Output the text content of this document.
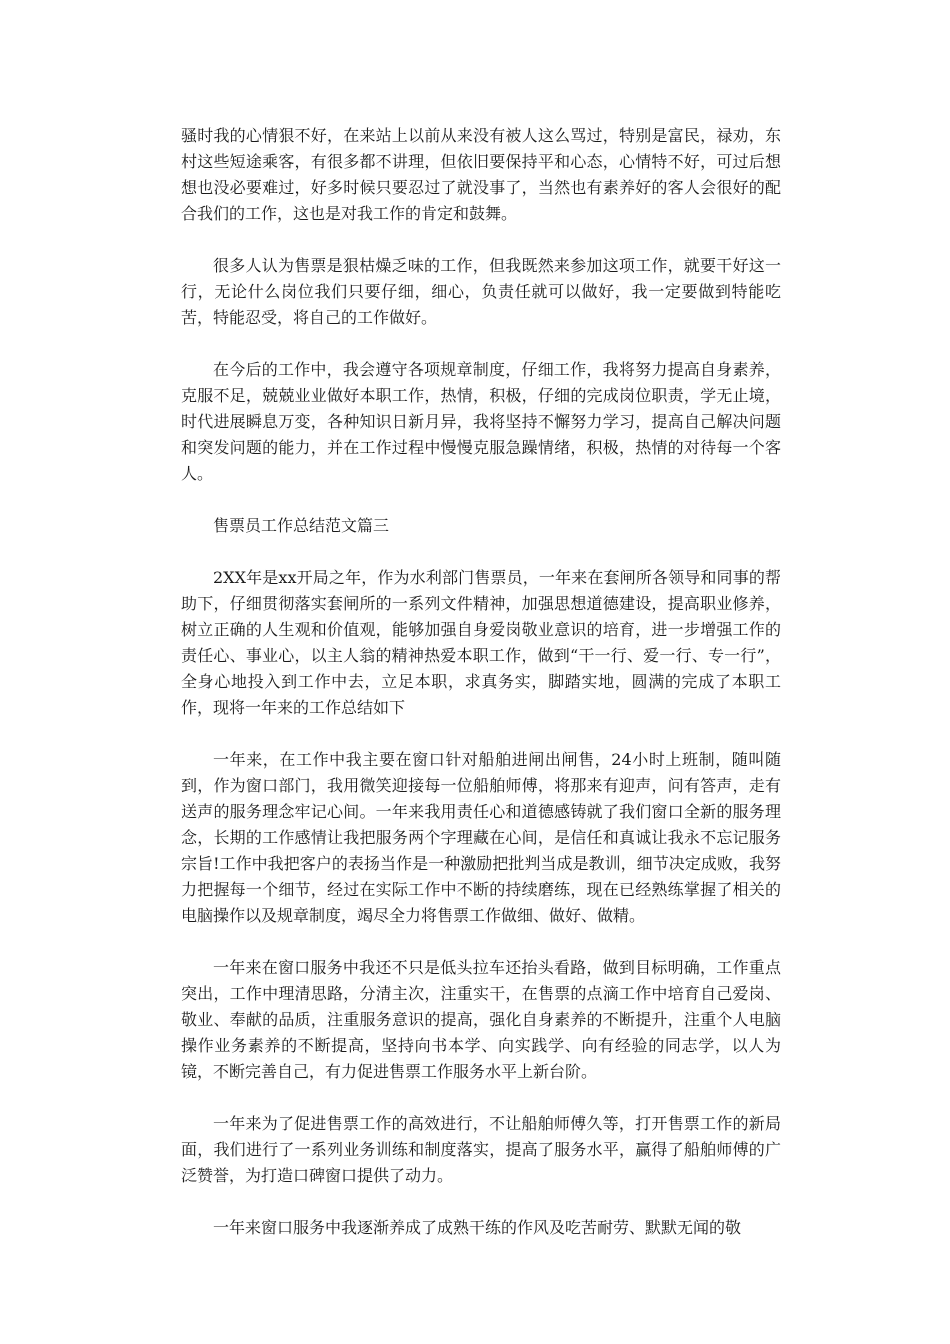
骚时我的心情狠不好，在来站上以前从来没有被人这么骂过，特别是富民，禄劝，东村这些短途乘客，有很多都不讲理，但依旧要保持平和心态，心情特不好，可过后想想也没必要难过，好多时候只要忍过了就没事了，当然也有素养好的客人会很好的配合我们的工作，这也是对我工作的肯定和鼓舞。

很多人认为售票是狠枯燥乏味的工作，但我既然来参加这项工作，就要干好这一行，无论什么岗位我们只要仔细，细心，负责任就可以做好，我一定要做到特能吃苦，特能忍受，将自己的工作做好。

在今后的工作中，我会遵守各项规章制度，仔细工作，我将努力提高自身素养，克服不足，兢兢业业做好本职工作，热情，积极，仔细的完成岗位职责，学无止境，时代进展瞬息万变，各种知识日新月异，我将坚持不懈努力学习，提高自己解决问题和突发问题的能力，并在工作过程中慢慢克服急躁情绪，积极，热情的对待每一个客人。

售票员工作总结范文篇三

2XX年是xx开局之年，作为水利部门售票员，一年来在套闸所各领导和同事的帮助下，仔细贯彻落实套闸所的一系列文件精神，加强思想道德建设，提高职业修养，树立正确的人生观和价值观，能够加强自身爱岗敬业意识的培育，进一步增强工作的责任心、事业心，以主人翁的精神热爱本职工作，做到“干一行、爱一行、专一行”，全身心地投入到工作中去，立足本职，求真务实，脚踏实地，圆满的完成了本职工作，现将一年来的工作总结如下

一年来，在工作中我主要在窗口针对船舶进闸出闸售，24小时上班制，随叫随到，作为窗口部门，我用微笑迎接每一位船舶师傅，将那来有迎声，问有答声，走有送声的服务理念牢记心间。一年来我用责任心和道德感铸就了我们窗口全新的服务理念，长期的工作感情让我把服务两个字理藏在心间，是信任和真诚让我永不忘记服务宗旨!工作中我把客户的表扬当作是一种激励把批判当成是教训，细节决定成败，我努力把握每一个细节，经过在实际工作中不断的持续磨练，现在已经熟练掌握了相关的电脑操作以及规章制度，竭尽全力将售票工作做细、做好、做精。

一年来在窗口服务中我还不只是低头拉车还抬头看路，做到目标明确，工作重点突出，工作中理清思路，分清主次，注重实干，在售票的点滴工作中培育自己爱岗、敬业、奉献的品质，注重服务意识的提高，强化自身素养的不断提升，注重个人电脑操作业务素养的不断提高，坚持向书本学、向实践学、向有经验的同志学，以人为镜，不断完善自己，有力促进售票工作服务水平上新台阶。

一年来为了促进售票工作的高效进行，不让船舶师傅久等，打开售票工作的新局面，我们进行了一系列业务训练和制度落实，提高了服务水平，赢得了船舶师傅的广泛赞誉，为打造口碑窗口提供了动力。

一年来窗口服务中我逐渐养成了成熟干练的作风及吃苦耐劳、默默无闻的敬
